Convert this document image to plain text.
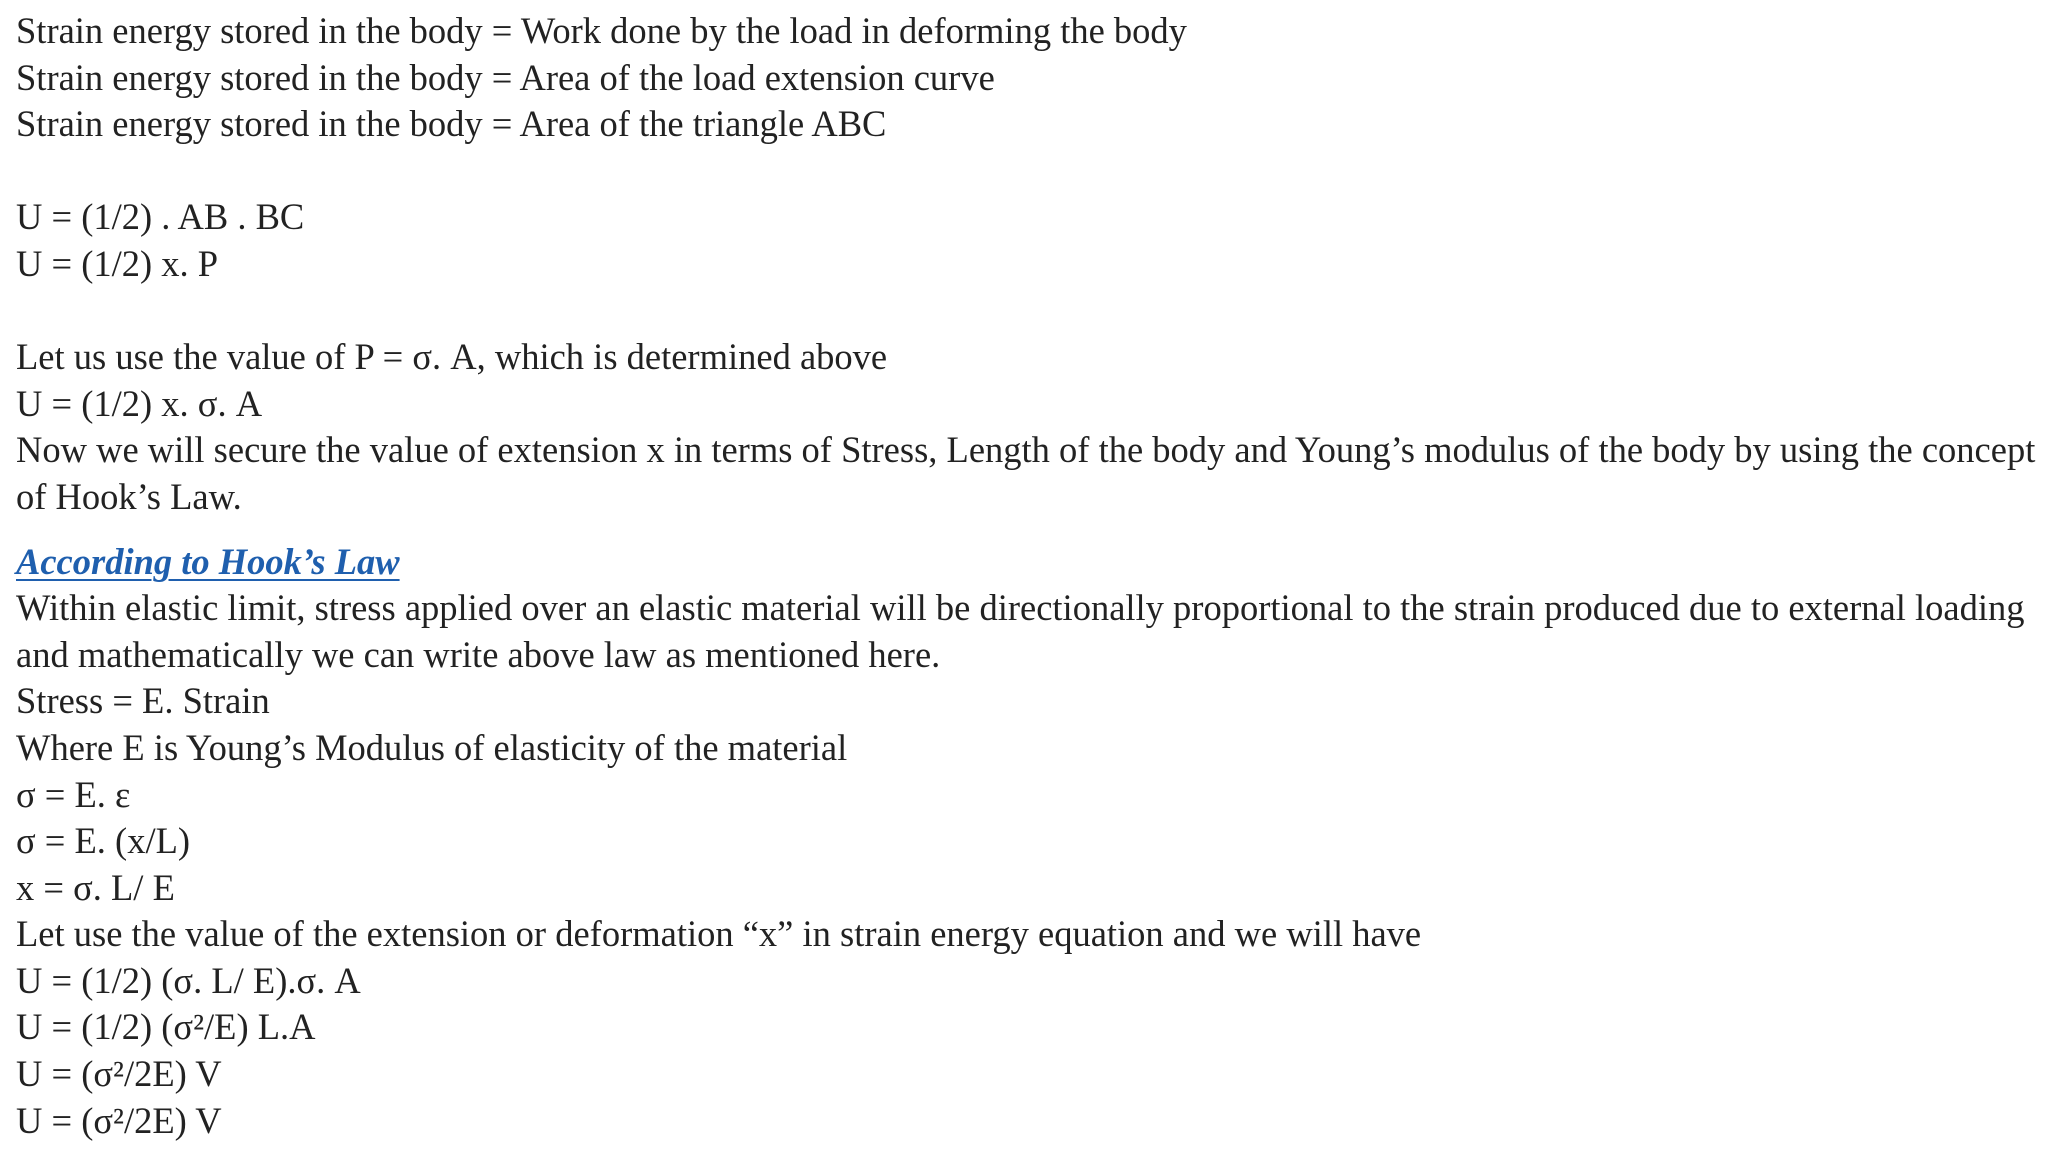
Strain energy stored in the body = Work done by the load in deforming the body

Strain energy stored in the body = Area of the load extension curve

Strain energy stored in the body = Area of the triangle ABC

U = (1/2) . AB . BC

U = (1/2) x. P

Let us use the value of P = σ. A, which is determined above

U = (1/2) x. σ. A

Now we will secure the value of extension x in terms of Stress, Length of the body and Young’s modulus of the body by using the concept of Hook’s Law.

According to Hook’s Law

Within elastic limit, stress applied over an elastic material will be directionally proportional to the strain produced due to external loading and mathematically we can write above law as mentioned here.

Stress = E. Strain

Where E is Young’s Modulus of elasticity of the material

σ = E. ε

σ = E. (x/L)

x = σ. L/ E

Let use the value of the extension or deformation “x” in strain energy equation and we will have

U = (1/2) (σ. L/ E).σ. A

U = (1/2) (σ²/E) L.A

U = (σ²/2E) V

U = (σ²/2E) V
